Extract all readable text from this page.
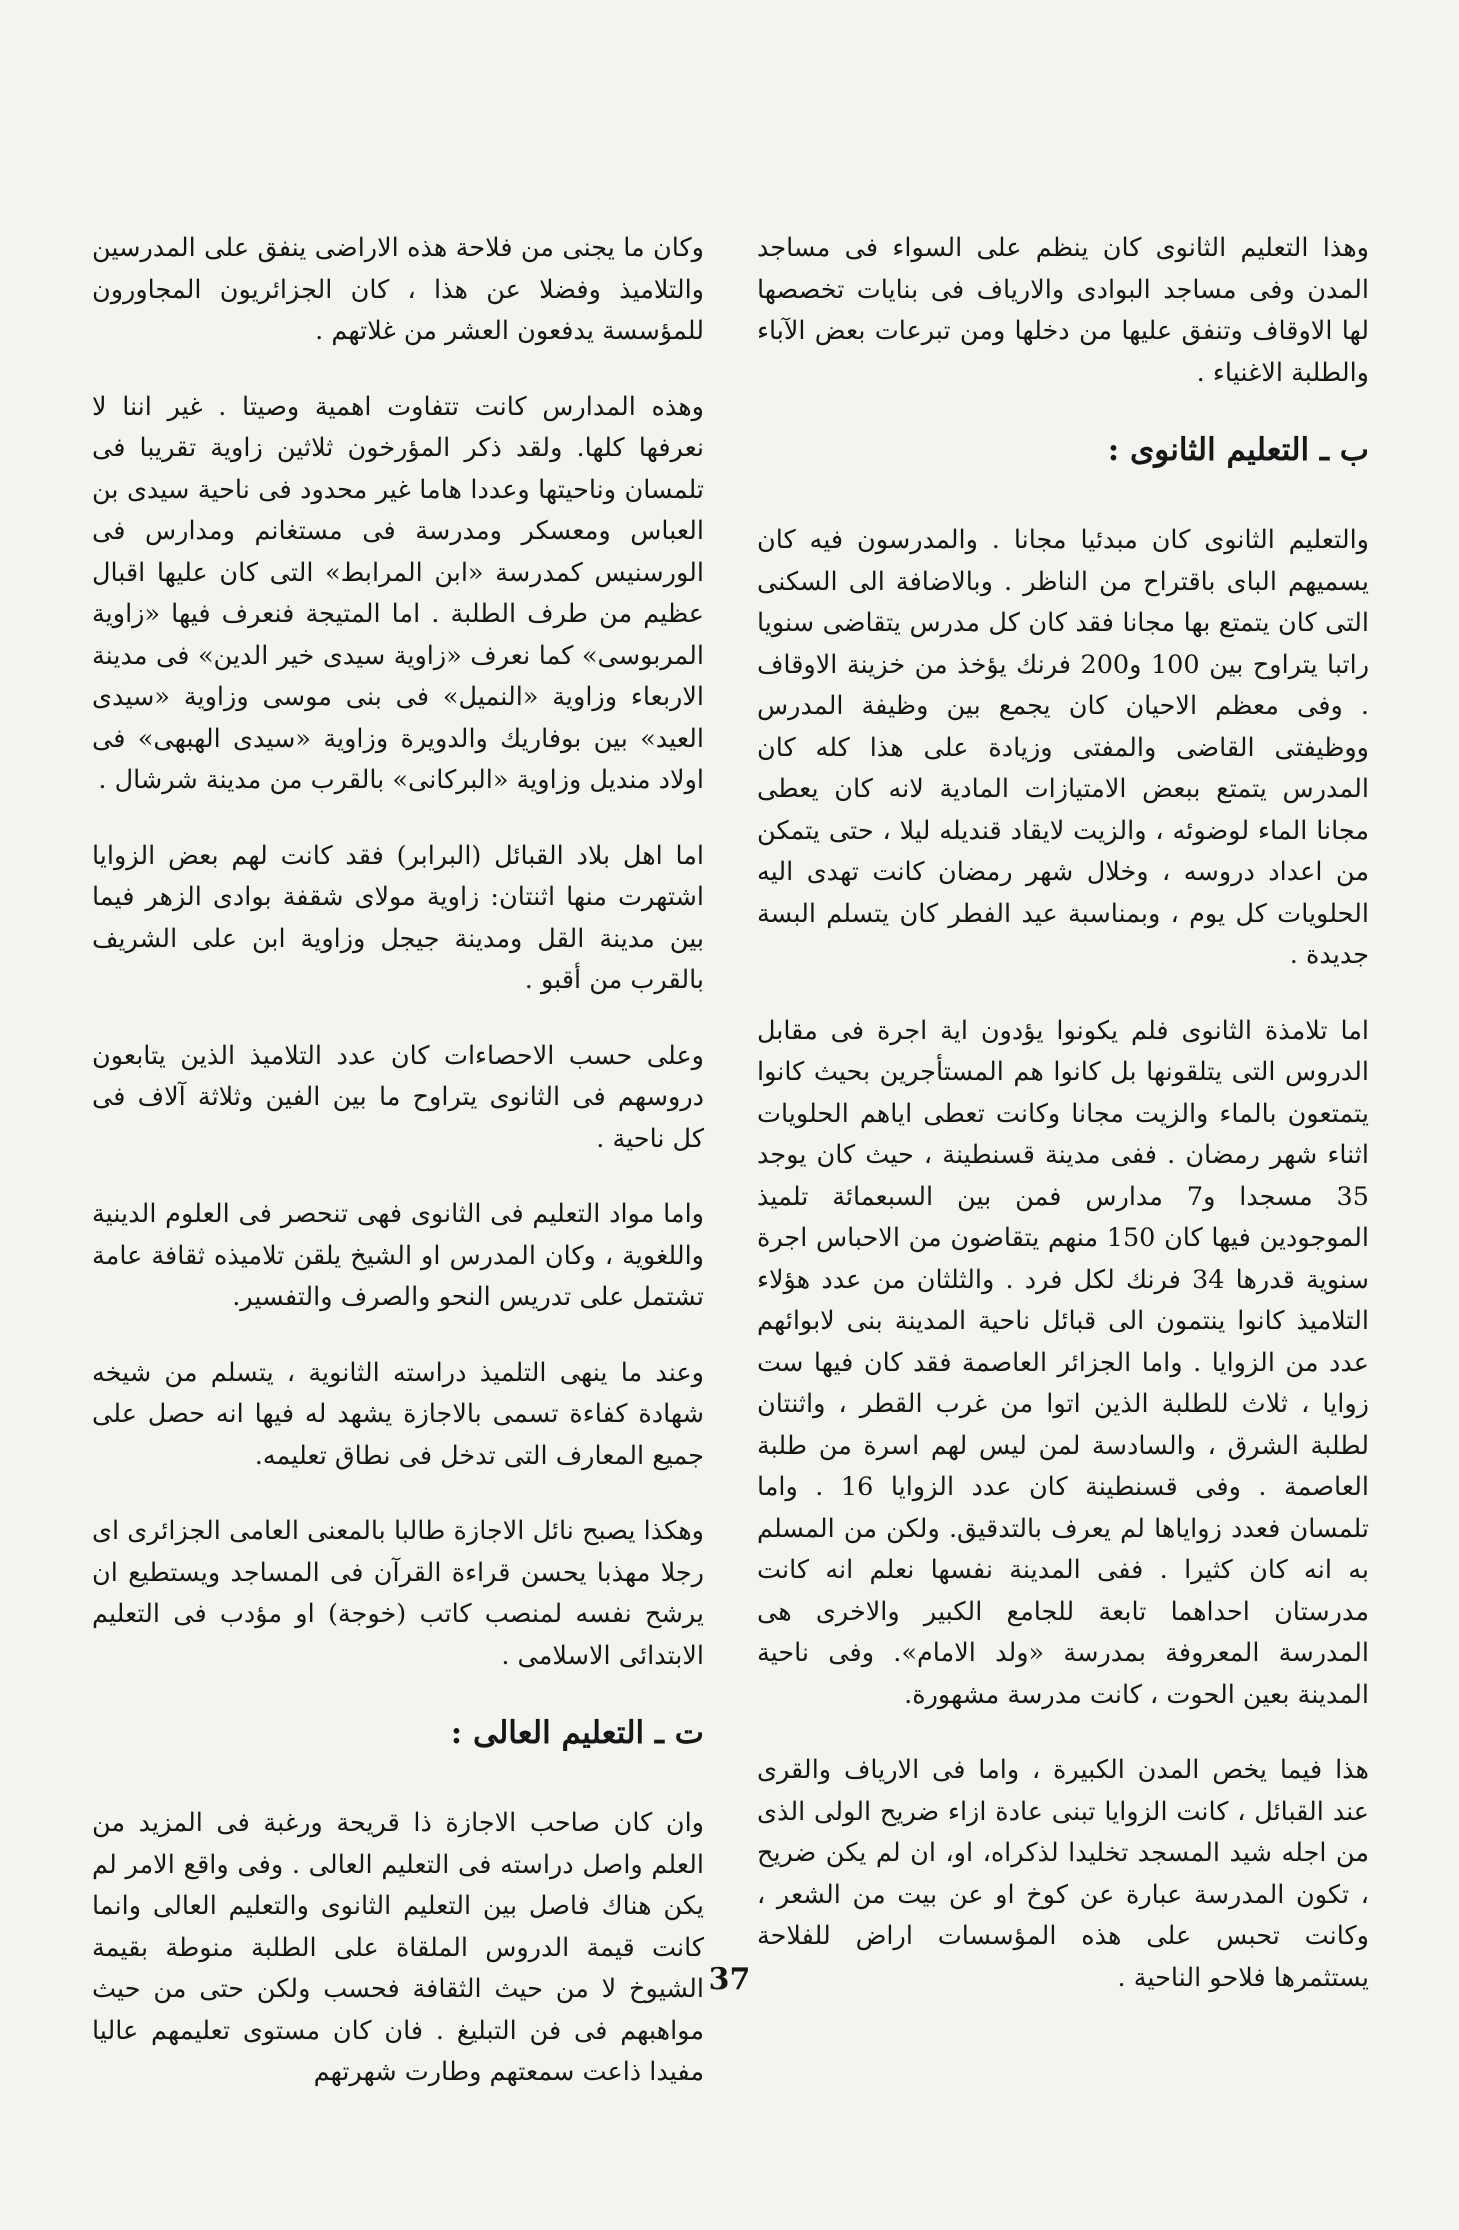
وهذا التعليم الثانوى كان ينظم على السواء فى مساجد المدن وفى مساجد البوادى والارياف فى بنايات تخصصها لها الاوقاف وتنفق عليها من دخلها ومن تبرعات بعض الآباء والطلبة الاغنياء .

ب ـ التعليم الثانوى :

والتعليم الثانوى كان مبدئيا مجانا . والمدرسون فيه كان يسميهم الباى باقتراح من الناظر . وبالاضافة الى السكنى التى كان يتمتع بها مجانا فقد كان كل مدرس يتقاضى سنويا راتبا يتراوح بين 100 و200 فرنك يؤخذ من خزينة الاوقاف . وفى معظم الاحيان كان يجمع بين وظيفة المدرس ووظيفتى القاضى والمفتى وزيادة على هذا كله كان المدرس يتمتع ببعض الامتيازات المادية لانه كان يعطى مجانا الماء لوضوئه ، والزيت لايقاد قنديله ليلا ، حتى يتمكن من اعداد دروسه ، وخلال شهر رمضان كانت تهدى اليه الحلويات كل يوم ، وبمناسبة عيد الفطر كان يتسلم البسة جديدة .

اما تلامذة الثانوى فلم يكونوا يؤدون اية اجرة فى مقابل الدروس التى يتلقونها بل كانوا هم المستأجرين بحيث كانوا يتمتعون بالماء والزيت مجانا وكانت تعطى اياهم الحلويات اثناء شهر رمضان . ففى مدينة قسنطينة ، حيث كان يوجد 35 مسجدا و7 مدارس فمن بين السبعمائة تلميذ الموجودين فيها كان 150 منهم يتقاضون من الاحباس اجرة سنوية قدرها 34 فرنك لكل فرد . والثلثان من عدد هؤلاء التلاميذ كانوا ينتمون الى قبائل ناحية المدينة بنى لابوائهم عدد من الزوايا . واما الجزائر العاصمة فقد كان فيها ست زوايا ، ثلاث للطلبة الذين اتوا من غرب القطر ، واثنتان لطلبة الشرق ، والسادسة لمن ليس لهم اسرة من طلبة العاصمة . وفى قسنطينة كان عدد الزوايا 16 . واما تلمسان فعدد زواياها لم يعرف بالتدقيق. ولكن من المسلم به انه كان كثيرا . ففى المدينة نفسها نعلم انه كانت مدرستان احداهما تابعة للجامع الكبير والاخرى هى المدرسة المعروفة بمدرسة «ولد الامام». وفى ناحية المدينة بعين الحوت ، كانت مدرسة مشهورة.

هذا فيما يخص المدن الكبيرة ، واما فى الارياف والقرى عند القبائل ، كانت الزوايا تبنى عادة ازاء ضريح الولى الذى من اجله شيد المسجد تخليدا لذكراه، او، ان لم يكن ضريح ، تكون المدرسة عبارة عن كوخ او عن بيت من الشعر ، وكانت تحبس على هذه المؤسسات اراض للفلاحة يستثمرها فلاحو الناحية .

وكان ما يجنى من فلاحة هذه الاراضى ينفق على المدرسين والتلاميذ وفضلا عن هذا ، كان الجزائريون المجاورون للمؤسسة يدفعون العشر من غلاتهم .

وهذه المدارس كانت تتفاوت اهمية وصيتا . غير اننا لا نعرفها كلها. ولقد ذكر المؤرخون ثلاثين زاوية تقريبا فى تلمسان وناحيتها وعددا هاما غير محدود فى ناحية سيدى بن العباس ومعسكر ومدرسة فى مستغانم ومدارس فى الورسنيس كمدرسة «ابن المرابط» التى كان عليها اقبال عظيم من طرف الطلبة . اما المتيجة فنعرف فيها «زاوية المربوسى» كما نعرف «زاوية سيدى خير الدين» فى مدينة الاربعاء وزاوية «النميل» فى بنى موسى وزاوية «سيدى العيد» بين بوفاريك والدويرة وزاوية «سيدى الهبهى» فى اولاد منديل وزاوية «البركانى» بالقرب من مدينة شرشال .

اما اهل بلاد القبائل (البرابر) فقد كانت لهم بعض الزوايا اشتهرت منها اثنتان: زاوية مولاى شقفة بوادى الزهر فيما بين مدينة القل ومدينة جيجل وزاوية ابن على الشريف بالقرب من أقبو .

وعلى حسب الاحصاءات كان عدد التلاميذ الذين يتابعون دروسهم فى الثانوى يتراوح ما بين الفين وثلاثة آلاف فى كل ناحية .

واما مواد التعليم فى الثانوى فهى تنحصر فى العلوم الدينية واللغوية ، وكان المدرس او الشيخ يلقن تلاميذه ثقافة عامة تشتمل على تدريس النحو والصرف والتفسير.

وعند ما ينهى التلميذ دراسته الثانوية ، يتسلم من شيخه شهادة كفاءة تسمى بالاجازة يشهد له فيها انه حصل على جميع المعارف التى تدخل فى نطاق تعليمه.

وهكذا يصبح نائل الاجازة طالبا بالمعنى العامى الجزائرى اى رجلا مهذبا يحسن قراءة القرآن فى المساجد ويستطيع ان يرشح نفسه لمنصب كاتب (خوجة) او مؤدب فى التعليم الابتدائى الاسلامى .

ت ـ التعليم العالى :

وان كان صاحب الاجازة ذا قريحة ورغبة فى المزيد من العلم واصل دراسته فى التعليم العالى . وفى واقع الامر لم يكن هناك فاصل بين التعليم الثانوى والتعليم العالى وانما كانت قيمة الدروس الملقاة على الطلبة منوطة بقيمة الشيوخ لا من حيث الثقافة فحسب ولكن حتى من حيث مواهبهم فى فن التبليغ . فان كان مستوى تعليمهم عاليا مفيدا ذاعت سمعتهم وطارت شهرتهم

37
